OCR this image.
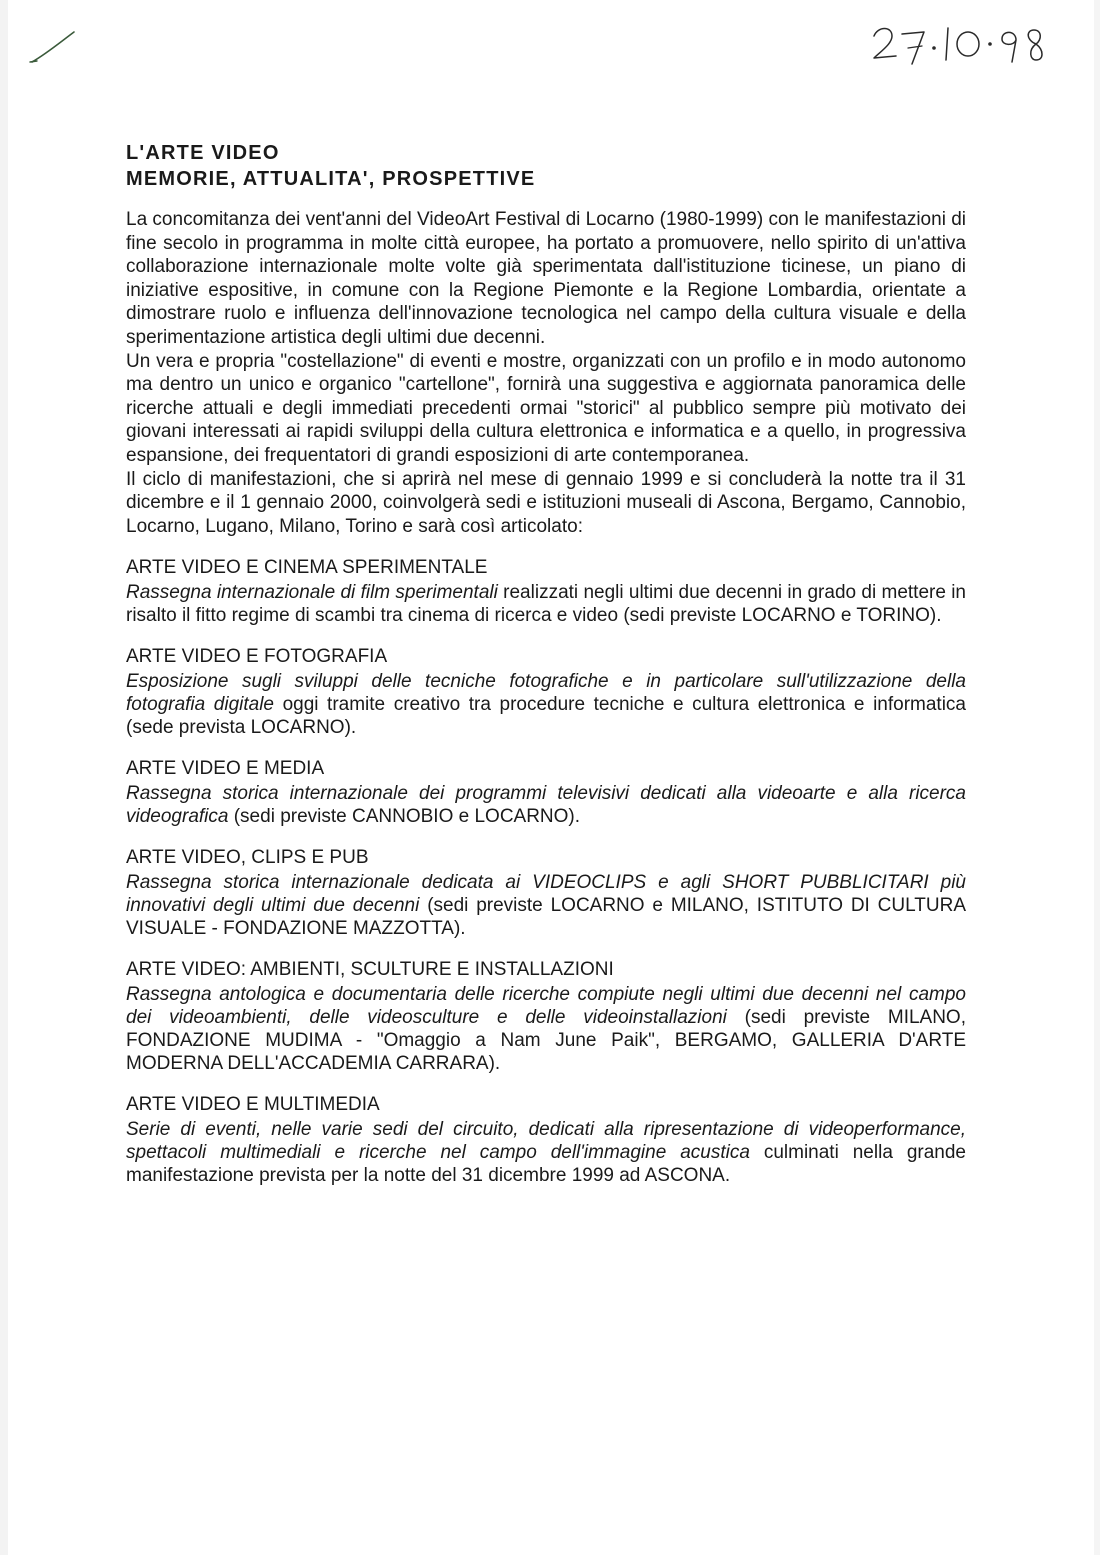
L'ARTE VIDEO
MEMORIE, ATTUALITA', PROSPETTIVE

La concomitanza dei vent'anni del VideoArt Festival di Locarno (1980-1999) con le manifestazioni di fine secolo in programma in molte città europee, ha portato a promuovere, nello spirito di un'attiva collaborazione internazionale molte volte già sperimentata dall'istituzione ticinese, un piano di iniziative espositive, in comune con la Regione Piemonte e la Regione Lombardia, orientate a dimostrare ruolo e influenza dell'innovazione tecnologica nel campo della cultura visuale e della sperimentazione artistica degli ultimi due decenni.

Un vera e propria "costellazione" di eventi e mostre, organizzati con un profilo e in modo autonomo ma dentro un unico e organico "cartellone", fornirà una suggestiva e aggiornata panoramica delle ricerche attuali e degli immediati precedenti ormai "storici" al pubblico sempre più motivato dei giovani interessati ai rapidi sviluppi della cultura elettronica e informatica e a quello, in progressiva espansione, dei frequentatori di grandi esposizioni di arte contemporanea.

Il ciclo di manifestazioni, che si aprirà nel mese di gennaio 1999 e si concluderà la notte tra il 31 dicembre e il 1 gennaio 2000, coinvolgerà sedi e istituzioni museali di Ascona, Bergamo, Cannobio, Locarno, Lugano, Milano, Torino e sarà così articolato:

ARTE VIDEO E CINEMA SPERIMENTALE

Rassegna internazionale di film sperimentali realizzati negli ultimi due decenni in grado di mettere in risalto il fitto regime di scambi tra cinema di ricerca e video (sedi previste LOCARNO e TORINO).

ARTE VIDEO E FOTOGRAFIA

Esposizione sugli sviluppi delle tecniche fotografiche e in particolare sull'utilizzazione della fotografia digitale oggi tramite creativo tra procedure tecniche e cultura elettronica e informatica (sede prevista LOCARNO).

ARTE VIDEO E MEDIA

Rassegna storica internazionale dei programmi televisivi dedicati alla videoarte e alla ricerca videografica (sedi previste CANNOBIO e LOCARNO).

ARTE VIDEO, CLIPS E PUB

Rassegna storica internazionale dedicata ai VIDEOCLIPS e agli SHORT PUBBLICITARI più innovativi degli ultimi due decenni (sedi previste LOCARNO e MILANO, ISTITUTO DI CULTURA VISUALE - FONDAZIONE MAZZOTTA).

ARTE VIDEO: AMBIENTI, SCULTURE E INSTALLAZIONI

Rassegna antologica e documentaria delle ricerche compiute negli ultimi due decenni nel campo dei videoambienti, delle videosculture e delle videoinstallazioni (sedi previste MILANO, FONDAZIONE MUDIMA - "Omaggio a Nam June Paik", BERGAMO, GALLERIA D'ARTE MODERNA DELL'ACCADEMIA CARRARA).

ARTE VIDEO E MULTIMEDIA

Serie di eventi, nelle varie sedi del circuito, dedicati alla ripresentazione di videoperformance, spettacoli multimediali e ricerche nel campo dell'immagine acustica culminati nella grande manifestazione prevista per la notte del 31 dicembre 1999 ad ASCONA.
